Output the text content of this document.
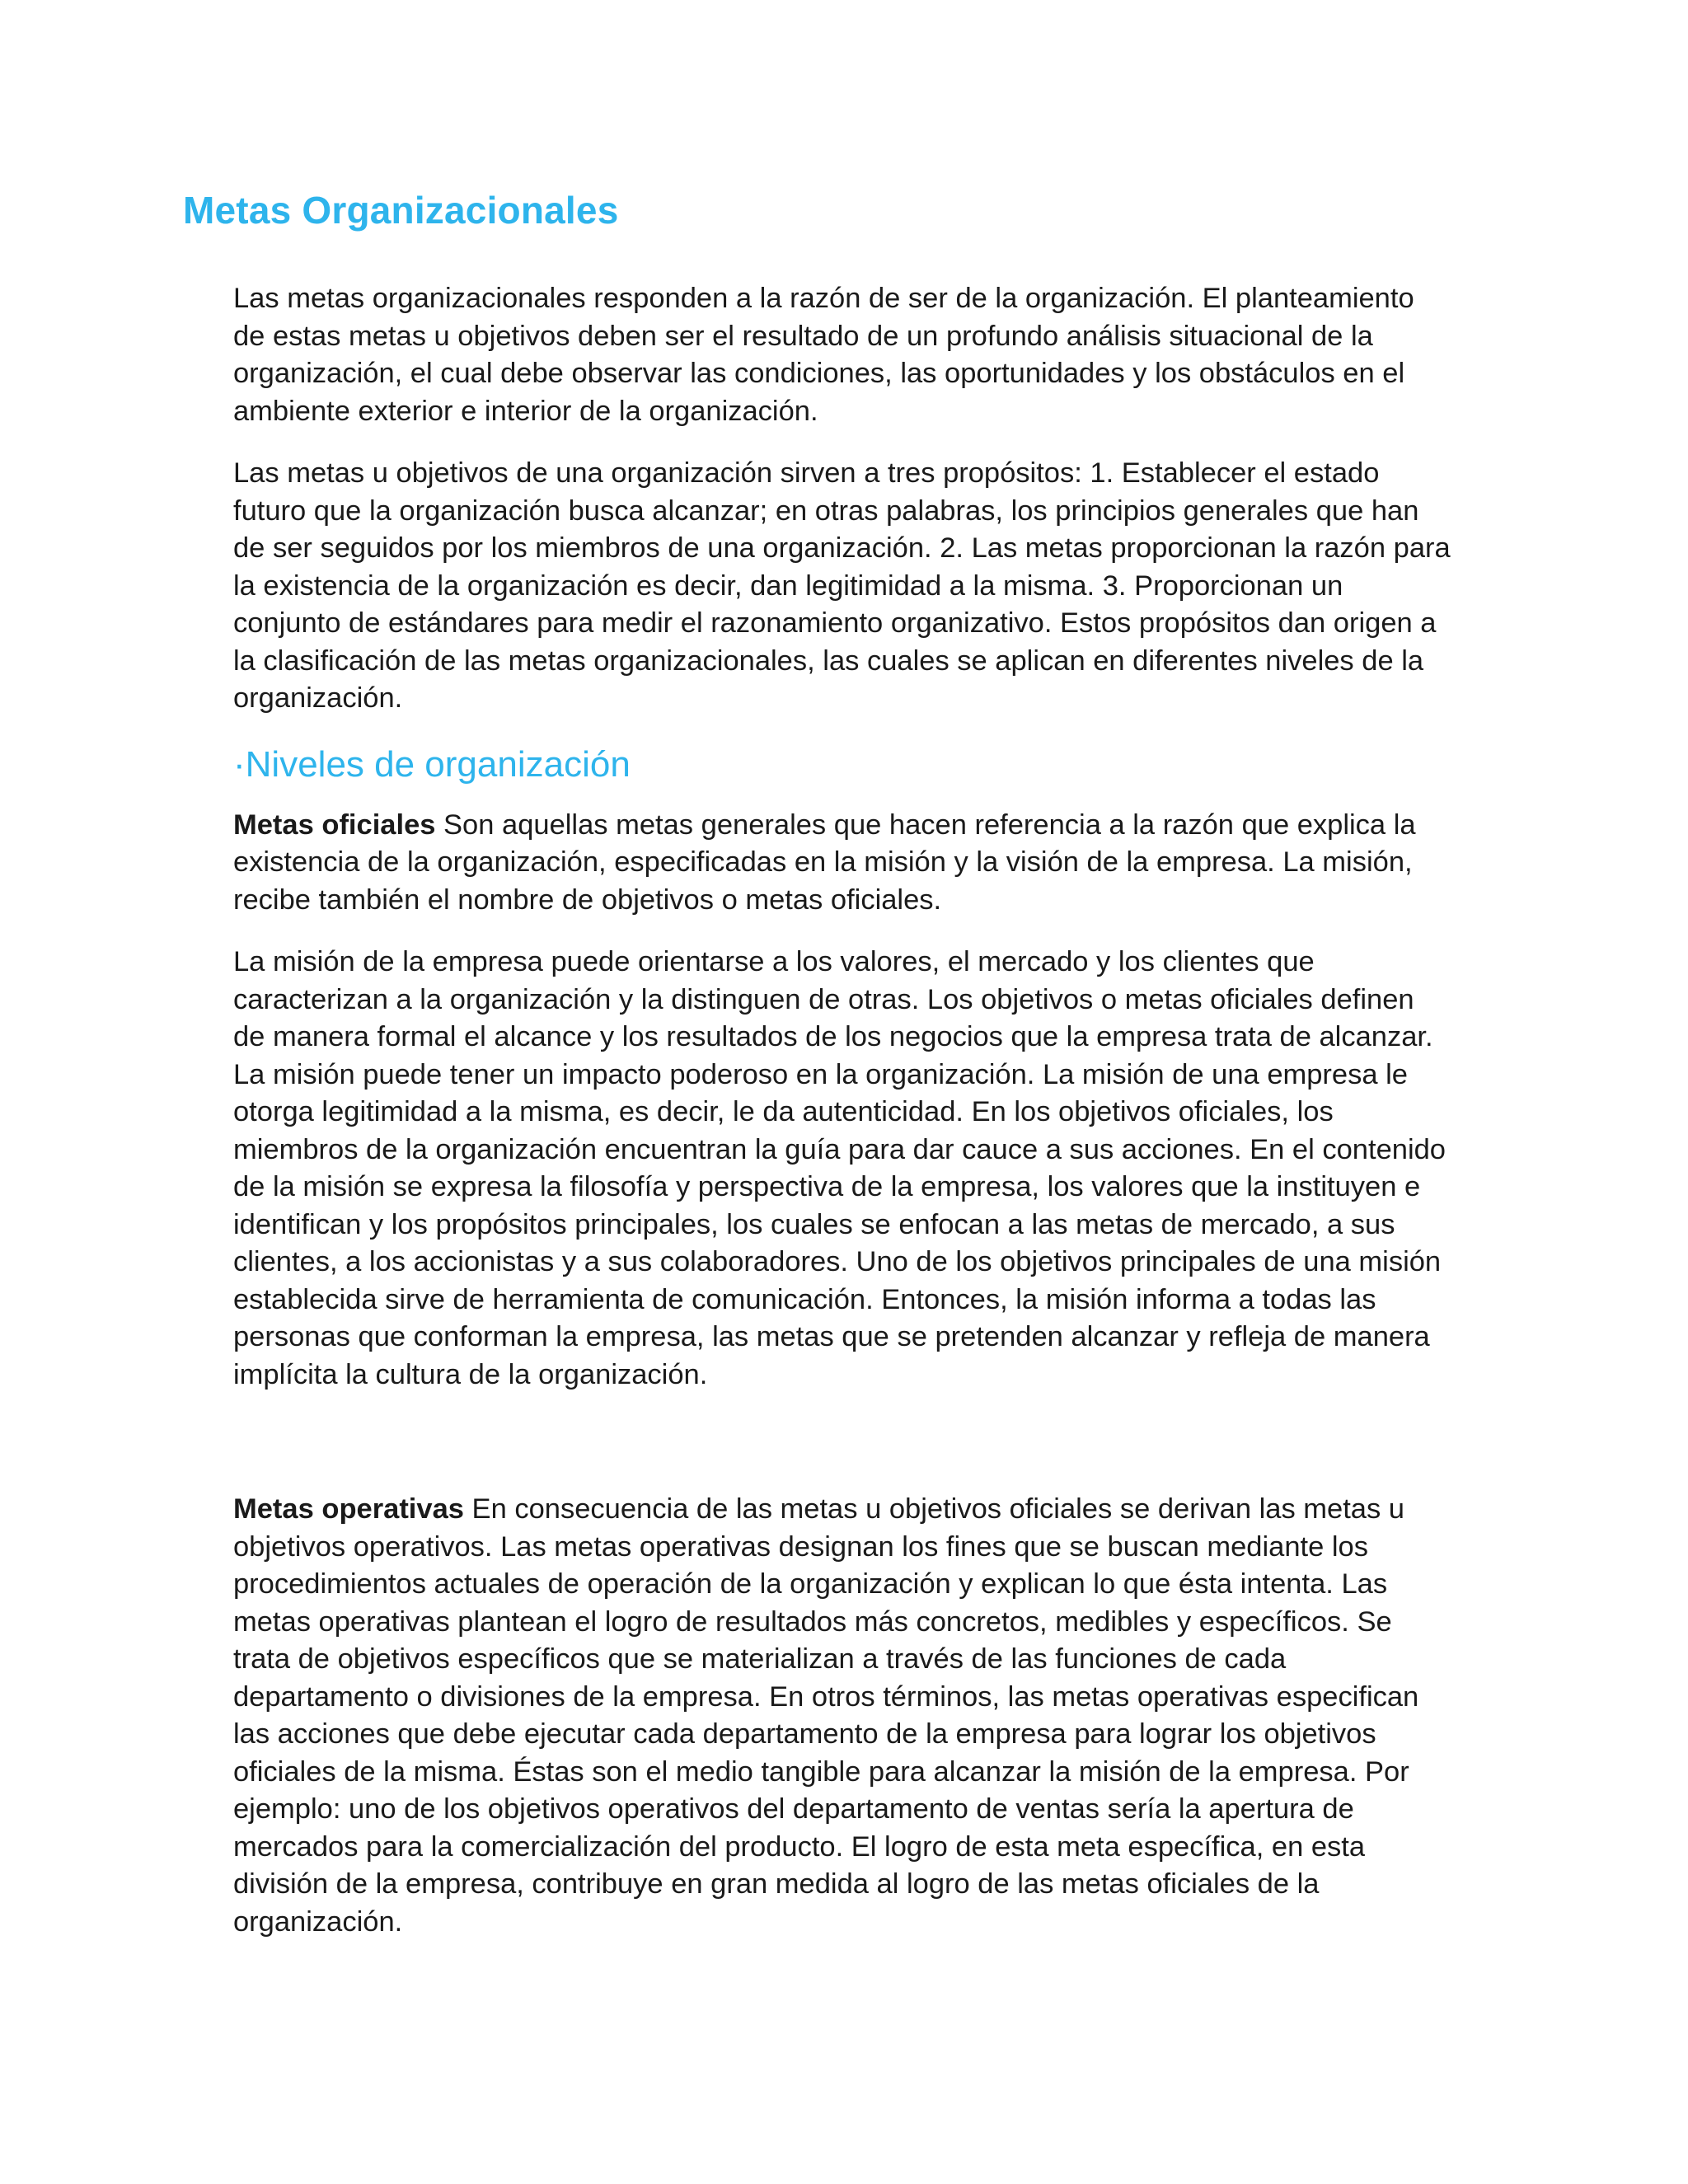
Metas Organizacionales

Las metas organizacionales responden a la razón de ser de la organización. El planteamiento de estas metas u objetivos deben ser el resultado de un profundo análisis situacional de la organización, el cual debe observar las condiciones, las oportunidades y los obstáculos en el ambiente exterior e interior de la organización.

Las metas u objetivos de una organización sirven a tres propósitos: 1. Establecer el estado futuro que la organización busca alcanzar; en otras palabras, los principios generales que han de ser seguidos por los miembros de una organización. 2. Las metas proporcionan la razón para la existencia de la organización es decir, dan legitimidad a la misma. 3. Proporcionan un conjunto de estándares para medir el razonamiento organizativo. Estos propósitos dan origen a la clasificación de las metas organizacionales, las cuales se aplican en diferentes niveles de la organización.

·Niveles de organización

Metas oficiales Son aquellas metas generales que hacen referencia a la razón que explica la existencia de la organización, especificadas en la misión y la visión de la empresa. La misión, recibe también el nombre de objetivos o metas oficiales.

La misión de la empresa puede orientarse a los valores, el mercado y los clientes que caracterizan a la organización y la distinguen de otras. Los objetivos o metas oficiales definen de manera formal el alcance y los resultados de los negocios que la empresa trata de alcanzar. La misión puede tener un impacto poderoso en la organización. La misión de una empresa le otorga legitimidad a la misma, es decir, le da autenticidad. En los objetivos oficiales, los miembros de la organización encuentran la guía para dar cauce a sus acciones. En el contenido de la misión se expresa la filosofía y perspectiva de la empresa, los valores que la instituyen e identifican y los propósitos principales, los cuales se enfocan a las metas de mercado, a sus clientes, a los accionistas y a sus colaboradores. Uno de los objetivos principales de una misión establecida sirve de herramienta de comunicación. Entonces, la misión informa a todas las personas que conforman la empresa, las metas que se pretenden alcanzar y refleja de manera implícita la cultura de la organización.

Metas operativas En consecuencia de las metas u objetivos oficiales se derivan las metas u objetivos operativos. Las metas operativas designan los fines que se buscan mediante los procedimientos actuales de operación de la organización y explican lo que ésta intenta. Las metas operativas plantean el logro de resultados más concretos, medibles y específicos. Se trata de objetivos específicos que se materializan a través de las funciones de cada departamento o divisiones de la empresa. En otros términos, las metas operativas especifican las acciones que debe ejecutar cada departamento de la empresa para lograr los objetivos oficiales de la misma. Éstas son el medio tangible para alcanzar la misión de la empresa. Por ejemplo: uno de los objetivos operativos del departamento de ventas sería la apertura de mercados para la comercialización del producto. El logro de esta meta específica, en esta división de la empresa, contribuye en gran medida al logro de las metas oficiales de la organización.
